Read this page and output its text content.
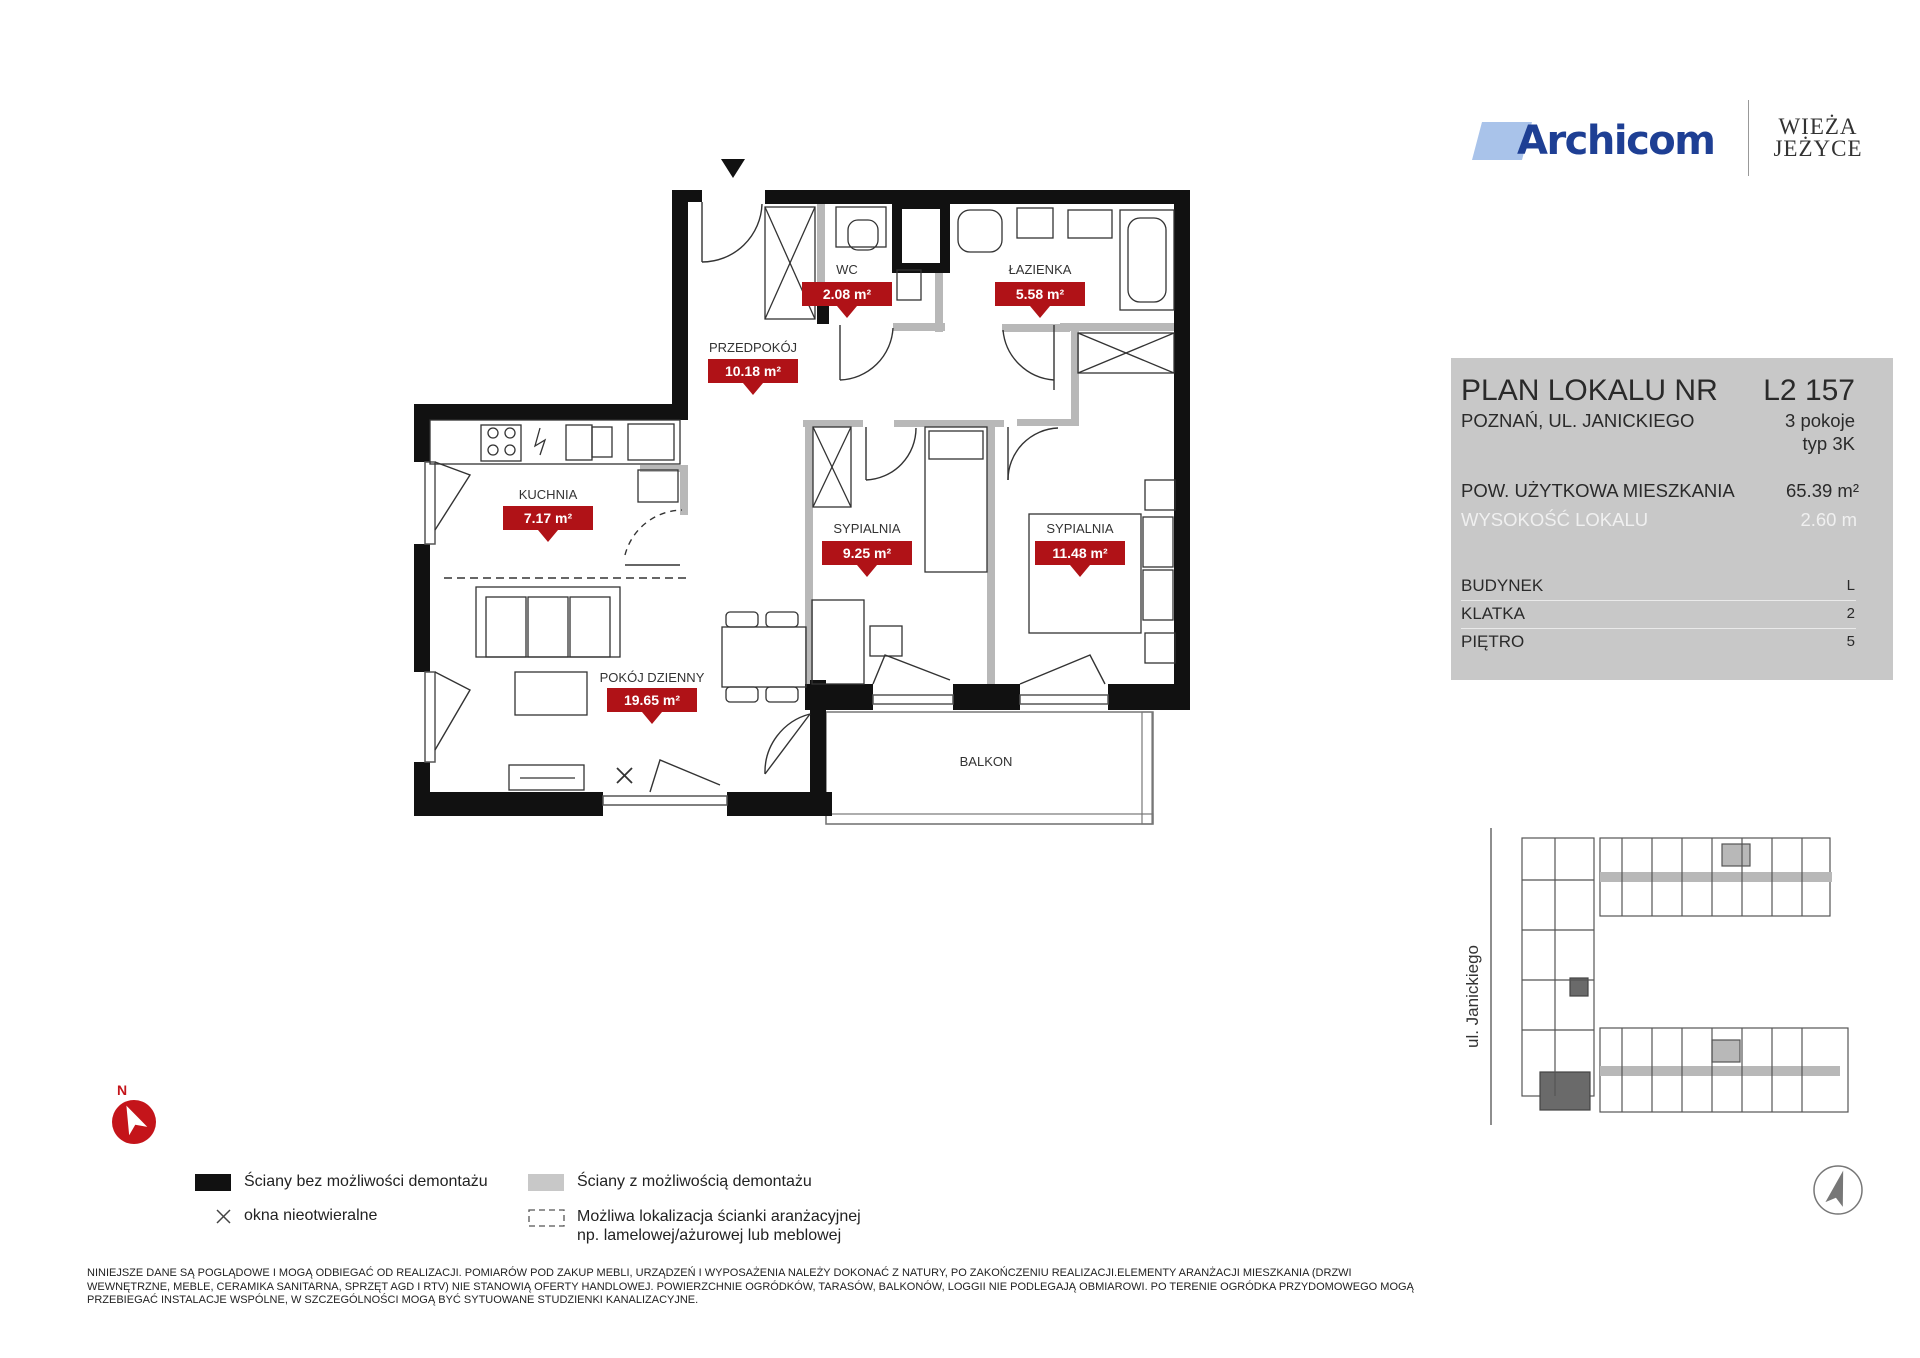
Archicom	WIEŻA
JEŻYCE
WC	ŁAZIENKA
PRZEDPOKÓJ
KUCHNIA
SYPIALNIA	SYPIALNIA
POKÓJ DZIENNY
BALKON
2.08 m²	5.58 m²
10.18 m²
7.17 m²
9.25 m²	11.48 m²
19.65 m²
ul. Janickiego
N
PLAN LOKALU NR L2 157
POZNAŃ, UL. JANICKIEGO	3 pokoje
typ 3K
POW. UŻYTKOWA MIESZKANIA	65.39 m²
WYSOKOŚĆ LOKALU	2.60 m
BUDYNEK	L
KLATKA	2
PIĘTRO	5
Ściany bez możliwości demontażu	Ściany z możliwością demontażu
okna nieotwieralne	Możliwa lokalizacja ścianki aranżacyjnej
np. lamelowej/ażurowej lub meblowej
NINIEJSZE DANE SĄ POGLĄDOWE I MOGĄ ODBIEGAĆ OD REALIZACJI. POMIARÓW POD ZAKUP MEBLI, URZĄDZEŃ I WYPOSAŻENIA NALEŻY DOKONAĆ Z NATURY, PO ZAKOŃCZENIU REALIZACJI.ELEMENTY ARANŻACJI MIESZKANIA (DRZWI WEWNĘTRZNE, MEBLE, CERAMIKA SANITARNA, SPRZĘT AGD I RTV) NIE STANOWIĄ OFERTY HANDLOWEJ. POWIERZCHNIE OGRÓDKÓW, TARASÓW, BALKONÓW, LOGGII NIE PODLEGAJĄ OBMIAROWI. PO TERENIE OGRÓDKA PRZYDOMOWEGO MOGĄ PRZEBIEGAĆ INSTALACJE WSPÓLNE, W SZCZEGÓLNOŚCI MOGĄ BYĆ SYTUOWANE STUDZIENKI KANALIZACYJNE.
